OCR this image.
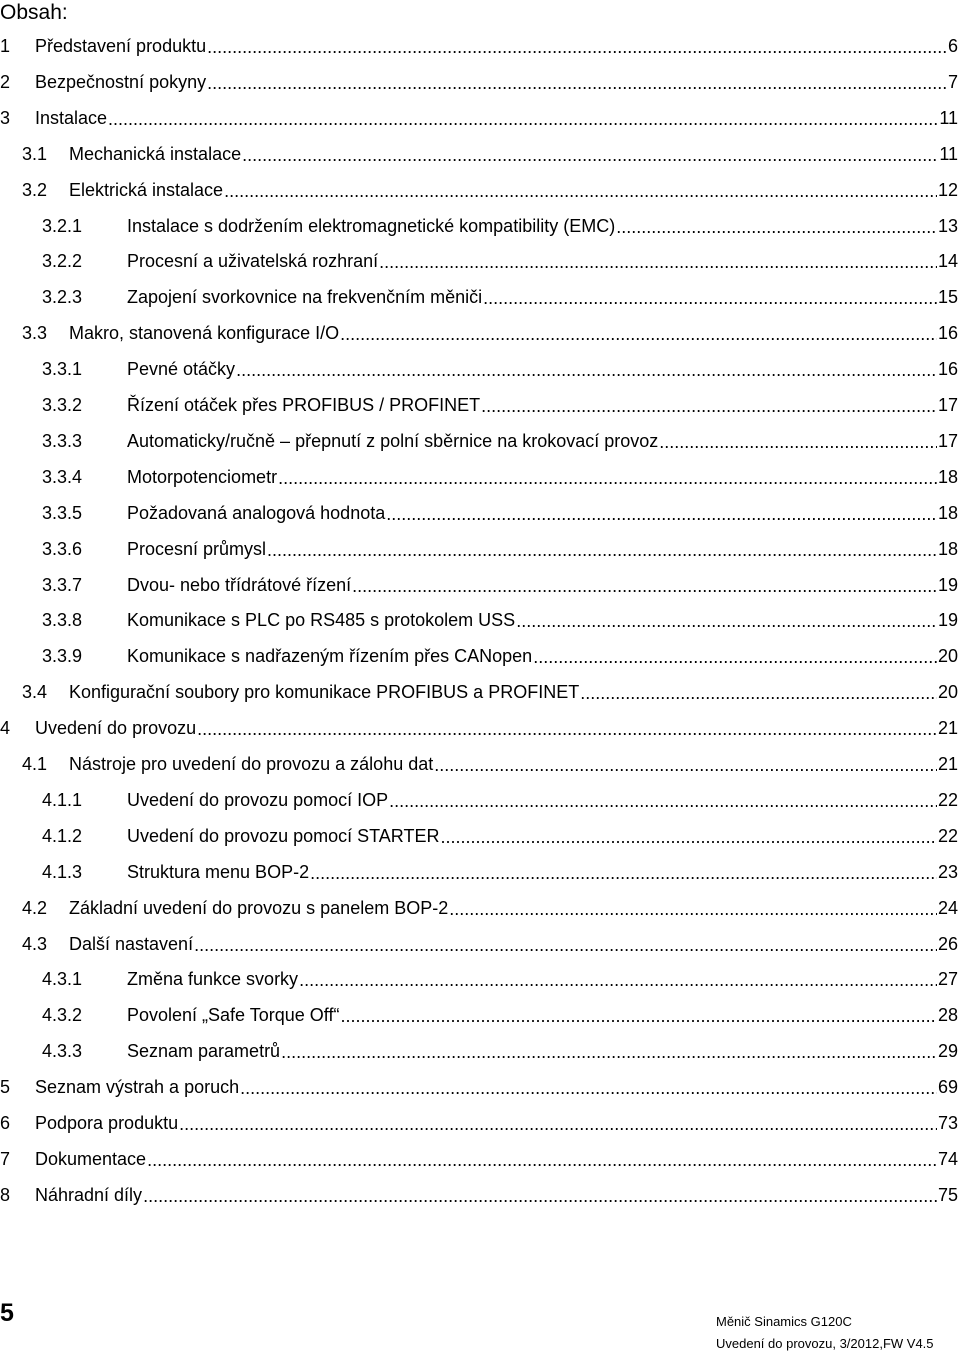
Obsah:
1	Představení produktu .....	6
2	Bezpečnostní pokyny .....	7
3	Instalace .....	11
3.1	Mechanická instalace .....	11
3.2	Elektrická instalace .....	12
3.2.1	Instalace s dodržením elektromagnetické kompatibility (EMC) .....	13
3.2.2	Procesní a uživatelská rozhraní .....	14
3.2.3	Zapojení svorkovnice na frekvenčním měniči .....	15
3.3	Makro, stanovená konfigurace I/O .....	16
3.3.1	Pevné otáčky .....	16
3.3.2	Řízení otáček přes PROFIBUS / PROFINET .....	17
3.3.3	Automaticky/ručně – přepnutí z polní sběrnice na krokovací provoz .....	17
3.3.4	Motorpotenciometr .....	18
3.3.5	Požadovaná analogová hodnota .....	18
3.3.6	Procesní průmysl .....	18
3.3.7	Dvou- nebo třídrátové řízení .....	19
3.3.8	Komunikace s PLC po RS485 s protokolem USS .....	19
3.3.9	Komunikace s nadřazeným řízením přes CANopen .....	20
3.4	Konfigurační soubory pro komunikace PROFIBUS a PROFINET .....	20
4	Uvedení do provozu .....	21
4.1	Nástroje pro uvedení do provozu a zálohu dat .....	21
4.1.1	Uvedení do provozu pomocí IOP .....	22
4.1.2	Uvedení do provozu pomocí STARTER .....	22
4.1.3	Struktura menu BOP-2 .....	23
4.2	Základní uvedení do provozu s panelem BOP-2 .....	24
4.3	Další nastavení .....	26
4.3.1	Změna funkce svorky .....	27
4.3.2	Povolení „Safe Torque Off“ .....	28
4.3.3	Seznam parametrů .....	29
5	Seznam výstrah a poruch .....	69
6	Podpora produktu .....	73
7	Dokumentace .....	74
8	Náhradní díly .....	75
5	Měnič Sinamics G120C
Uvedení do provozu, 3/2012,FW V4.5
